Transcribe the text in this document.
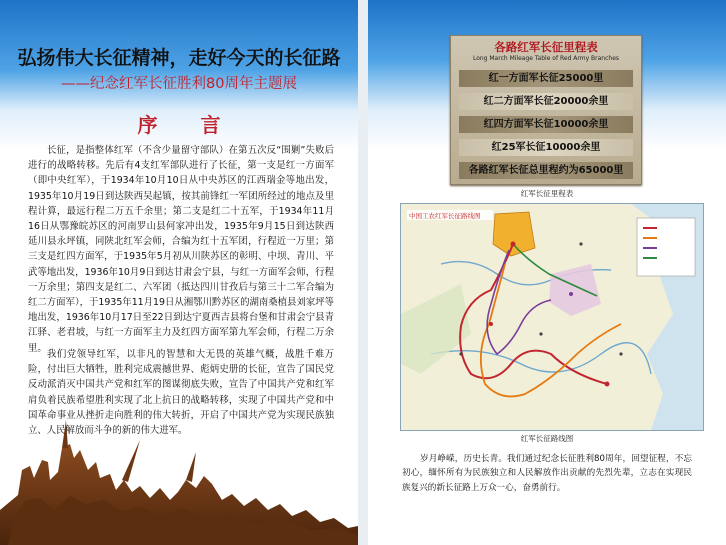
弘扬伟大长征精神，走好今天的长征路
——纪念红军长征胜利80周年主题展
序 言

长征，是指整体红军（不含少量留守部队）在第五次反“围剿”失败后进行的战略转移。先后有4支红军部队进行了长征，第一支是红一方面军（即中央红军），于1934年10月10日从中央苏区的江西瑞金等地出发，1935年10月19日到达陕西吴起镇，按其前锋红一军团所经过的地点及里程计算，最远行程二万五千余里；第二支是红二十五军，于1934年11月16日从鄂豫皖苏区的河南罗山县何家冲出发，1935年9月15日到达陕西延川县永坪镇，同陕北红军会师，合编为红十五军团，行程近一万里；第三支是红四方面军，于1935年5月初从川陕苏区的彰明、中坝、青川、平武等地出发，1936年10月9日到达甘肃会宁县，与红一方面军会师，行程一万余里；第四支是红二、六军团（抵达四川甘孜后与第三十二军合编为红二方面军），于1935年11月19日从湘鄂川黔苏区的湖南桑植县刘家坪等地出发，1936年10月17日至22日到达宁夏西吉县将台堡和甘肃会宁县青江驿、老君坡，与红一方面军主力及红四方面军第九军会师，行程二万余里。

我们党领导红军，以非凡的智慧和大无畏的英雄气概，战胜千难万险，付出巨大牺牲，胜利完成震撼世界、彪炳史册的长征，宣告了国民党反动派消灭中国共产党和红军的图谋彻底失败，宣告了中国共产党和红军肩负着民族希望胜利实现了北上抗日的战略转移，实现了中国共产党和中国革命事业从挫折走向胜利的伟大转折，开启了中国共产党为实现民族独立、人民解放而斗争的新的伟大进军。

各路红军长征里程表
Long March Mileage Table of Red Army Branches
红一方面军长征25000里
红二方面军长征20000余里
红四方面军长征10000余里
红25军长征10000余里
各路红军长征总里程约为65000里
红军长征里程表
中国工农红军长征路线图
红军长征路线图

岁月峥嵘，历史长青。我们通过纪念长征胜利80周年，回望征程，不忘初心，缅怀所有为民族独立和人民解放作出贡献的先烈先辈，立志在实现民族复兴的新长征路上万众一心，奋勇前行。
